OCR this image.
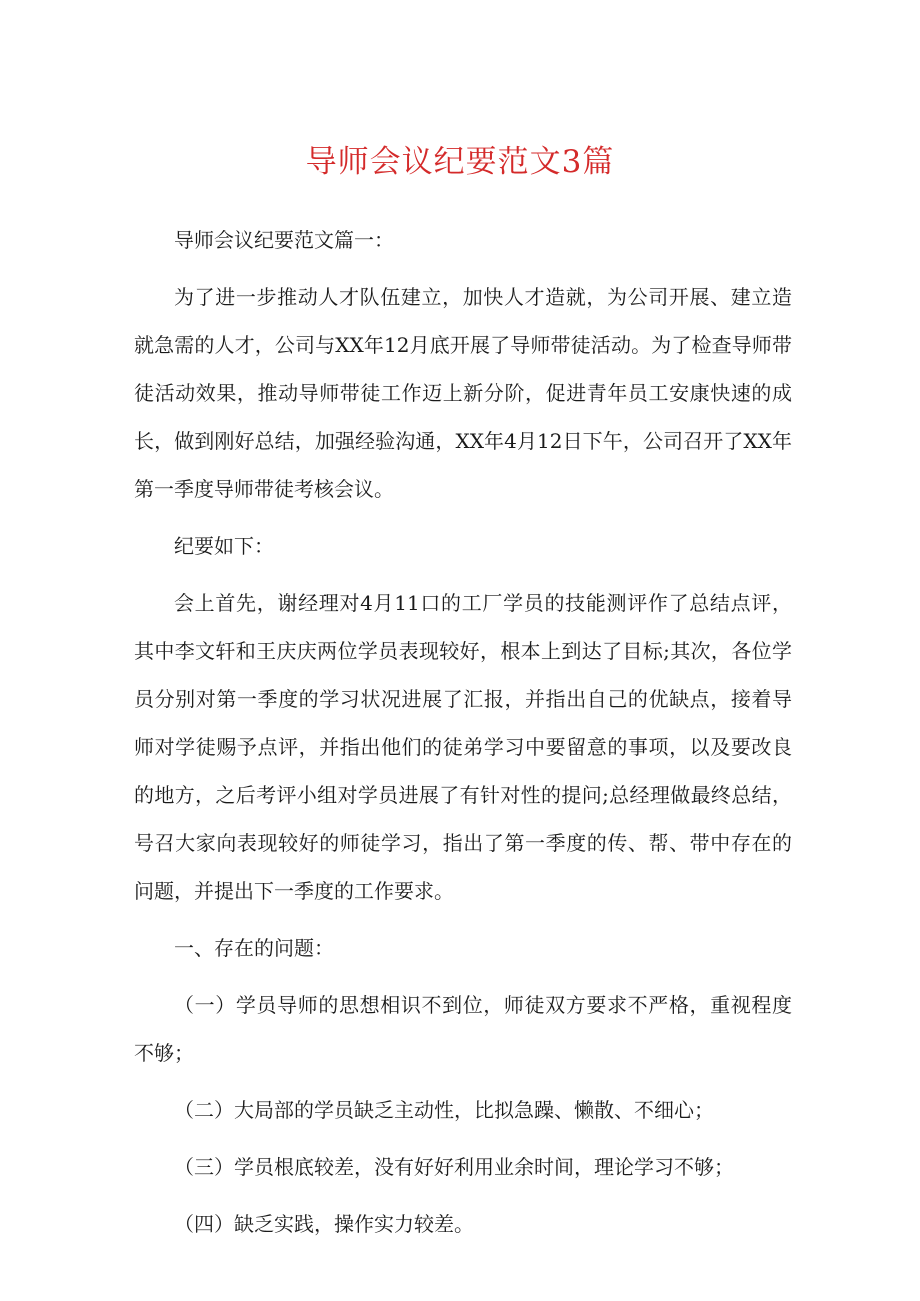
导师会议纪要范文3篇

导师会议纪要范文篇一：

为了进一步推动人才队伍建立，加快人才造就，为公司开展、建立造就急需的人才，公司与XX年12月底开展了导师带徒活动。为了检查导师带徒活动效果，推动导师带徒工作迈上新分阶，促进青年员工安康快速的成长，做到刚好总结，加强经验沟通，XX年4月12日下午，公司召开了XX年第一季度导师带徒考核会议。

纪要如下：

会上首先，谢经理对4月11口的工厂学员的技能测评作了总结点评，其中李文轩和王庆庆两位学员表现较好，根本上到达了目标;其次，各位学员分别对第一季度的学习状况进展了汇报，并指出自己的优缺点，接着导师对学徒赐予点评，并指出他们的徒弟学习中要留意的事项，以及要改良的地方，之后考评小组对学员进展了有针对性的提问;总经理做最终总结，号召大家向表现较好的师徒学习，指出了第一季度的传、帮、带中存在的问题，并提出下一季度的工作要求。

一、存在的问题：

（一）学员导师的思想相识不到位，师徒双方要求不严格，重视程度不够；

（二）大局部的学员缺乏主动性，比拟急躁、懒散、不细心；

（三）学员根底较差，没有好好利用业余时间，理论学习不够；

（四）缺乏实践，操作实力较差。
